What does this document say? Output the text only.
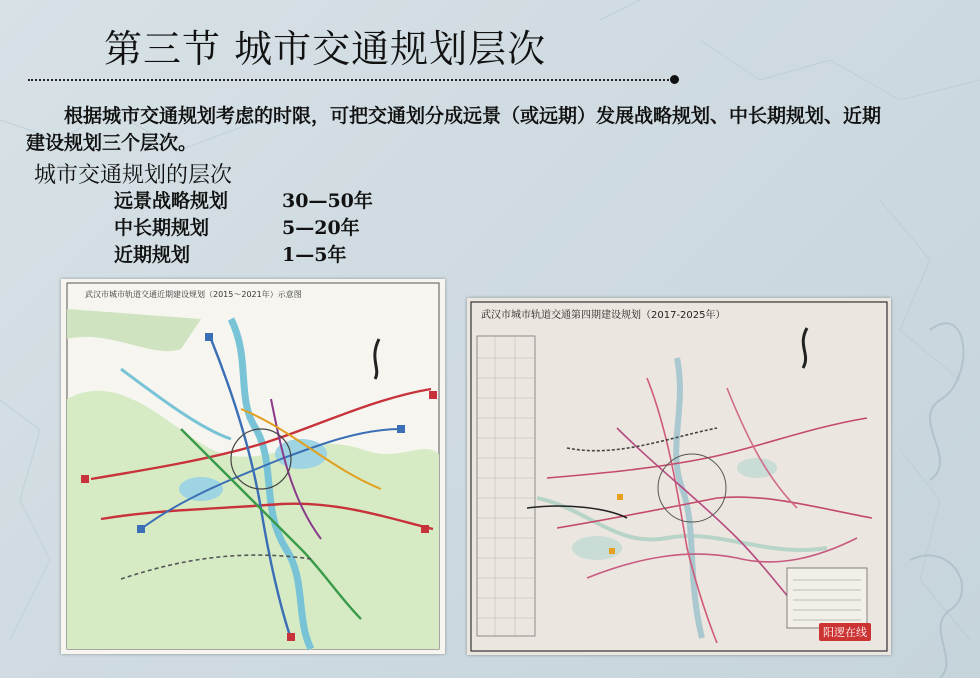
第三节 城市交通规划层次
根据城市交通规划考虑的时限，可把交通划分成远景（或远期）发展战略规划、中长期规划、近期建设规划三个层次。
城市交通规划的层次
远景战略规划	30—50年
中长期规划	5—20年
近期规划	1—5年
武汉市城市轨道交通近期建设规划（2015～2021年）示意图
武汉市城市轨道交通第四期建设规划（2017-2025年）
阳逻在线
